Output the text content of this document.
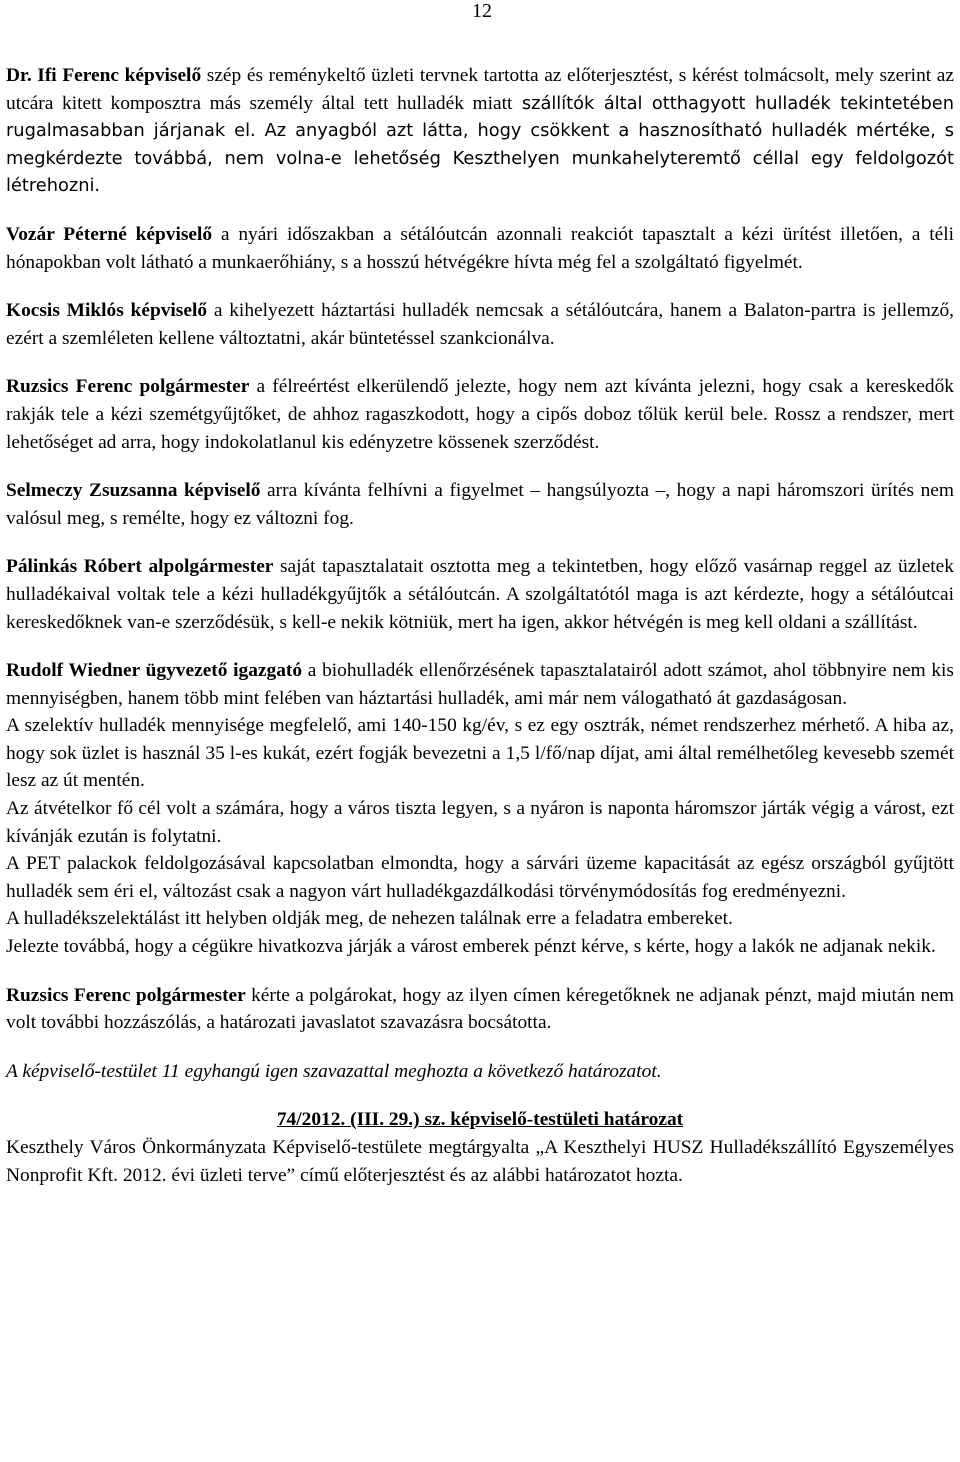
12

Dr. Ifi Ferenc képviselő szép és reménykeltő üzleti tervnek tartotta az előterjesztést, s kérést tolmácsolt, mely szerint az utcára kitett komposztra más személy által tett hulladék miatt szállítók által otthagyott hulladék tekintetében rugalmasabban járjanak el. Az anyagból azt látta, hogy csökkent a hasznosítható hulladék mértéke, s megkérdezte továbbá, nem volna-e lehetőség Keszthelyen munkahelyteremtő céllal egy feldolgozót létrehozni.

Vozár Péterné képviselő a nyári időszakban a sétálóutcán azonnali reakciót tapasztalt a kézi ürítést illetően, a téli hónapokban volt látható a munkaerőhiány, s a hosszú hétvégékre hívta még fel a szolgáltató figyelmét.

Kocsis Miklós képviselő a kihelyezett háztartási hulladék nemcsak a sétálóutcára, hanem a Balaton-partra is jellemző, ezért a szemléleten kellene változtatni, akár büntetéssel szankcionálva.

Ruzsics Ferenc polgármester a félreértést elkerülendő jelezte, hogy nem azt kívánta jelezni, hogy csak a kereskedők rakják tele a kézi szemétgyűjtőket, de ahhoz ragaszkodott, hogy a cipős doboz tőlük kerül bele. Rossz a rendszer, mert lehetőséget ad arra, hogy indokolatlanul kis edényzetre kössenek szerződést.

Selmeczy Zsuzsanna képviselő arra kívánta felhívni a figyelmet – hangsúlyozta –, hogy a napi háromszori ürítés nem valósul meg, s remélte, hogy ez változni fog.

Pálinkás Róbert alpolgármester saját tapasztalatait osztotta meg a tekintetben, hogy előző vasárnap reggel az üzletek hulladékaival voltak tele a kézi hulladékgyűjtők a sétálóutcán. A szolgáltatótól maga is azt kérdezte, hogy a sétálóutcai kereskedőknek van-e szerződésük, s kell-e nekik kötniük, mert ha igen, akkor hétvégén is meg kell oldani a szállítást.

Rudolf Wiedner ügyvezető igazgató a biohulladék ellenőrzésének tapasztalatairól adott számot, ahol többnyire nem kis mennyiségben, hanem több mint felében van háztartási hulladék, ami már nem válogatható át gazdaságosan.

A szelektív hulladék mennyisége megfelelő, ami 140-150 kg/év, s ez egy osztrák, német rendszerhez mérhető. A hiba az, hogy sok üzlet is használ 35 l-es kukát, ezért fogják bevezetni a 1,5 l/fő/nap díjat, ami által remélhetőleg kevesebb szemét lesz az út mentén.

Az átvételkor fő cél volt a számára, hogy a város tiszta legyen, s a nyáron is naponta háromszor járták végig a várost, ezt kívánják ezután is folytatni.

A PET palackok feldolgozásával kapcsolatban elmondta, hogy a sárvári üzeme kapacitását az egész országból gyűjtött hulladék sem éri el, változást csak a nagyon várt hulladékgazdálkodási törvénymódosítás fog eredményezni.

A hulladékszelektálást itt helyben oldják meg, de nehezen találnak erre a feladatra embereket.

Jelezte továbbá, hogy a cégükre hivatkozva járják a várost emberek pénzt kérve, s kérte, hogy a lakók ne adjanak nekik.

Ruzsics Ferenc polgármester kérte a polgárokat, hogy az ilyen címen kéregetőknek ne adjanak pénzt, majd miután nem volt további hozzászólás, a határozati javaslatot szavazásra bocsátotta.

A képviselő-testület 11 egyhangú igen szavazattal meghozta a következő határozatot.

74/2012. (III. 29.) sz. képviselő-testületi határozat

Keszthely Város Önkormányzata Képviselő-testülete megtárgyalta „A Keszthelyi HUSZ Hulladékszállító Egyszemélyes Nonprofit Kft. 2012. évi üzleti terve” című előterjesztést és az alábbi határozatot hozta.
